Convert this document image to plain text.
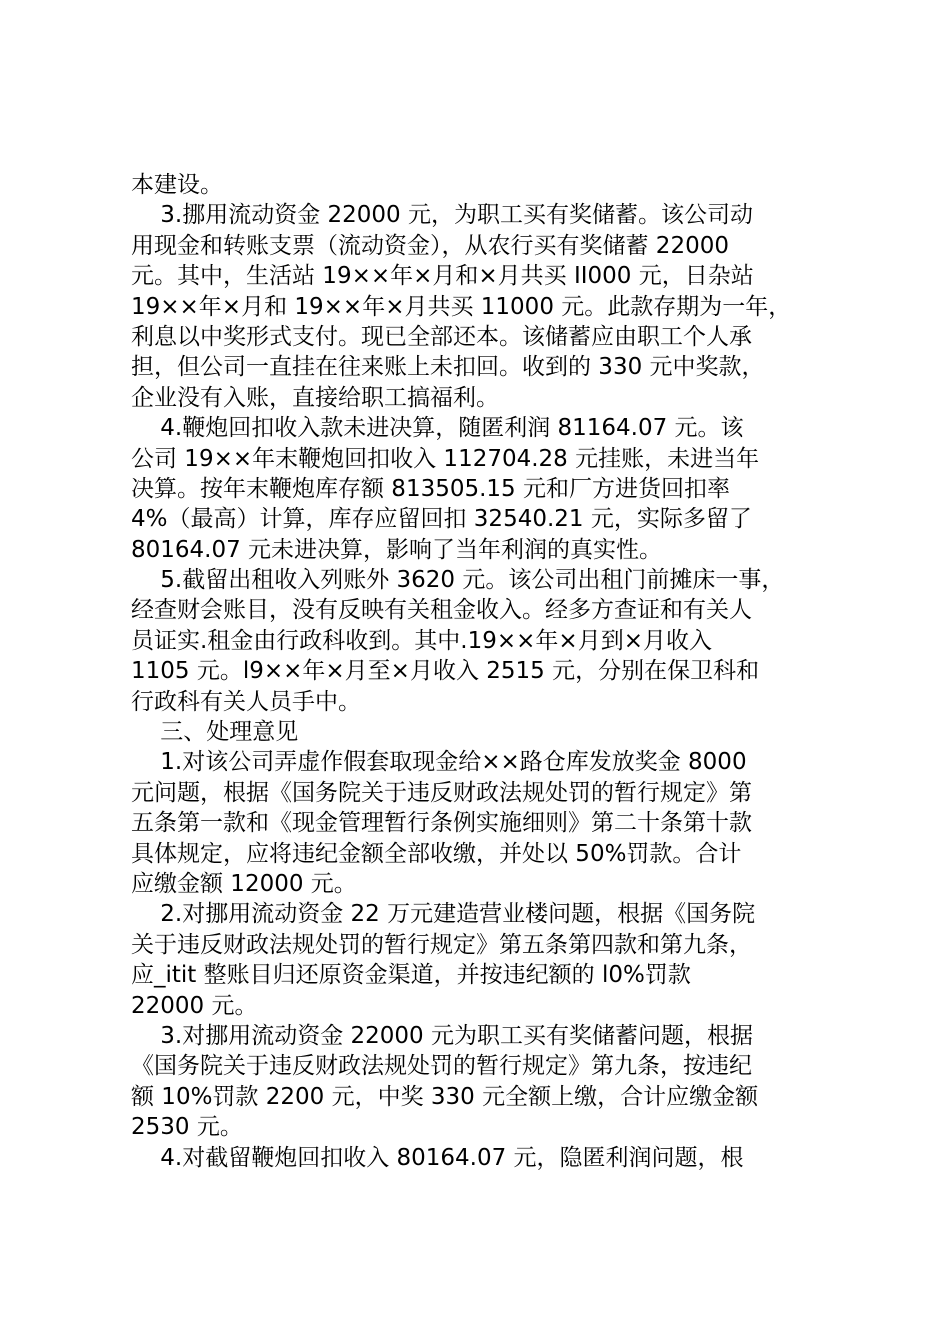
本建设。
3.挪用流动资金 22000 元，为职工买有奖储蓄。该公司动
用现金和转账支票（流动资金），从农行买有奖储蓄 22000
元。其中，生活站 19××年×月和×月共买 II000 元，日杂站
19××年×月和 19××年×月共买 11000 元。此款存期为一年，
利息以中奖形式支付。现已全部还本。该储蓄应由职工个人承
担，但公司一直挂在往来账上未扣回。收到的 330 元中奖款，
企业没有入账，直接给职工搞福利。
4.鞭炮回扣收入款未进决算，随匿利润 81164.07 元。该
公司 19××年末鞭炮回扣收入 112704.28 元挂账，未进当年
决算。按年末鞭炮库存额 813505.15 元和厂方进货回扣率
4%（最高）计算，库存应留回扣 32540.21 元，实际多留了
80164.07 元未进决算，影响了当年利润的真实性。
5.截留出租收入列账外 3620 元。该公司出租门前摊床一事，
经查财会账目，没有反映有关租金收入。经多方查证和有关人
员证实.租金由行政科收到。其中.19××年×月到×月收入
1105 元。l9××年×月至×月收入 2515 元，分别在保卫科和
行政科有关人员手中。
三、处理意见
1.对该公司弄虚作假套取现金给××路仓库发放奖金 8000
元问题，根据《国务院关于违反财政法规处罚的暂行规定》第
五条第一款和《现金管理暂行条例实施细则》第二十条第十款
具体规定，应将违纪金额全部收缴，并处以 50%罚款。合计
应缴金额 12000 元。
2.对挪用流动资金 22 万元建造营业楼问题，根据《国务院
关于违反财政法规处罚的暂行规定》第五条第四款和第九条，
应_itit 整账目归还原资金渠道，并按违纪额的 l0%罚款
22000 元。
3.对挪用流动资金 22000 元为职工买有奖储蓄问题，根据
《国务院关于违反财政法规处罚的暂行规定》第九条，按违纪
额 10%罚款 2200 元，中奖 330 元全额上缴，合计应缴金额
2530 元。
4.对截留鞭炮回扣收入 80164.07 元，隐匿利润问题，根
